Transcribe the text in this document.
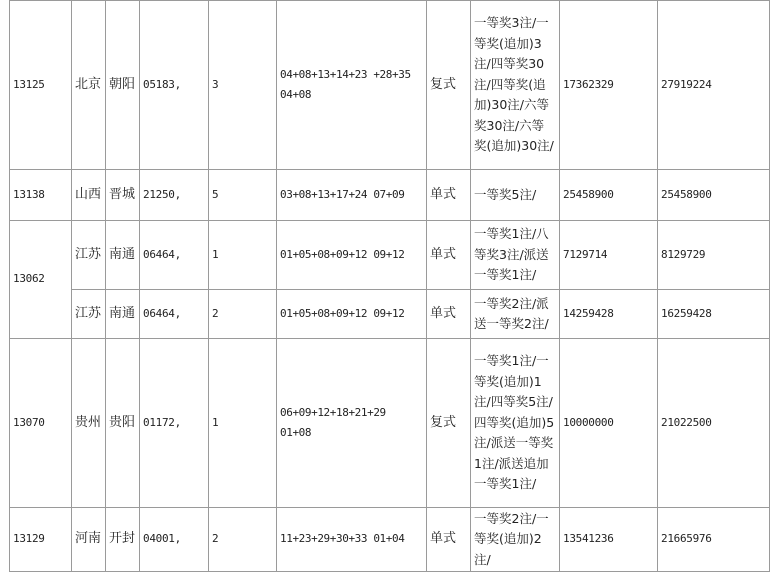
13125	北京	朝阳	05183,	3	04+08+13+14+23 +28+35 04+08	复式	一等奖3注/一等奖(追加)3注/四等奖30注/四等奖(追加)30注/六等奖30注/六等奖(追加)30注/	17362329	27919224
13138	山西	晋城	21250,	5	03+08+13+17+24 07+09	单式	一等奖5注/	25458900	25458900
13062	江苏	南通	06464,	1	01+05+08+09+12 09+12	单式	一等奖1注/八等奖3注/派送一等奖1注/	7129714	8129729
	江苏	南通	06464,	2	01+05+08+09+12 09+12	单式	一等奖2注/派送一等奖2注/	14259428	16259428
13070	贵州	贵阳	01172,	1	06+09+12+18+21+29 01+08	复式	一等奖1注/一等奖(追加)1注/四等奖5注/四等奖(追加)5注/派送一等奖1注/派送追加一等奖1注/	10000000	21022500
13129	河南	开封	04001,	2	11+23+29+30+33 01+04	单式	一等奖2注/一等奖(追加)2注/	13541236	21665976
